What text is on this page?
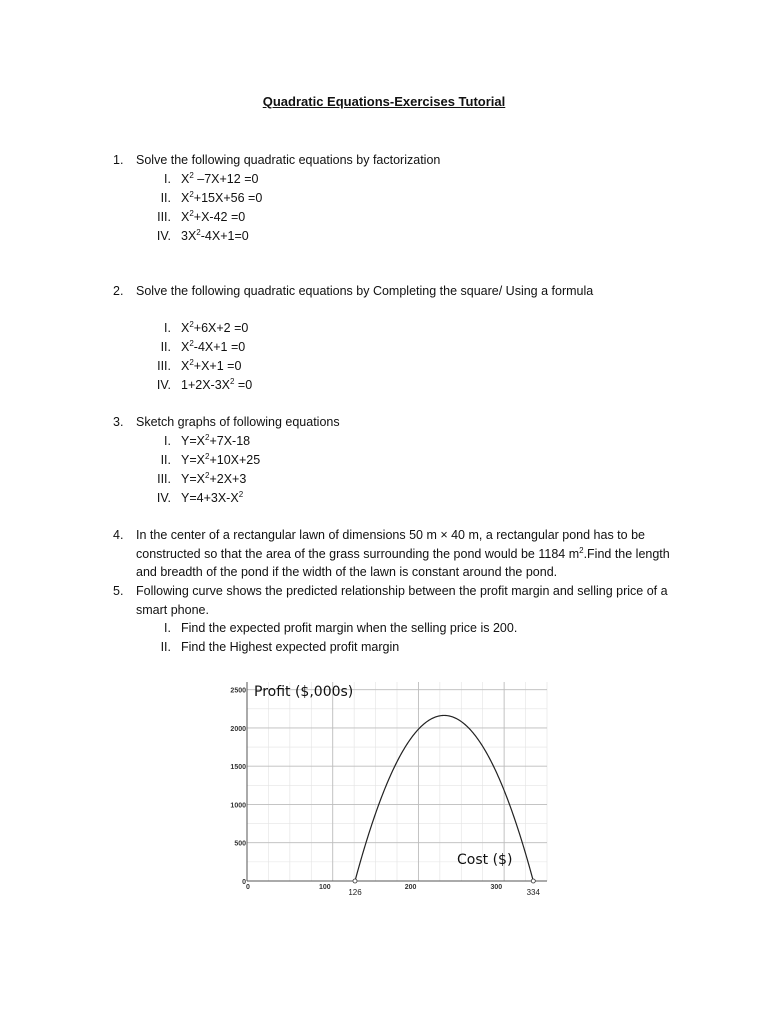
Quadratic Equations-Exercises Tutorial
1. Solve the following quadratic equations by factorization
I. $X^2$ –7X+12 =0
II. $X^2+15X+56 =0$
III. $X^2+X-42 =0$
IV. $3X^2-4X+1=0$
2. Solve the following quadratic equations by Completing the square/ Using a formula
I. $X^2+6X+2 =0$
II. $X^2-4X+1 =0$
III. $X^2+X+1 =0$
IV. $1+2X-3X^2 =0$
3. Sketch graphs of following equations
I. $Y=X^2+7X-18$
II. $Y=X^2+10X+25$
III. $Y=X^2+2X+3$
IV. $Y=4+3X-X^2$
4. In the center of a rectangular lawn of dimensions 50 m × 40 m, a rectangular pond has to be constructed so that the area of the grass surrounding the pond would be 1184 $m^2.Find$ the length and breadth of the pond if the width of the lawn is constant around the pond.
5. Following curve shows the predicted relationship between the profit margin and selling price of a smart phone.
I. Find the expected profit margin when the selling price is 200.
II. Find the Highest expected profit margin
0
500
1000
1500
2000
2500
0	100	200	300
126	334
Profit ($,000s)
Cost ($)
